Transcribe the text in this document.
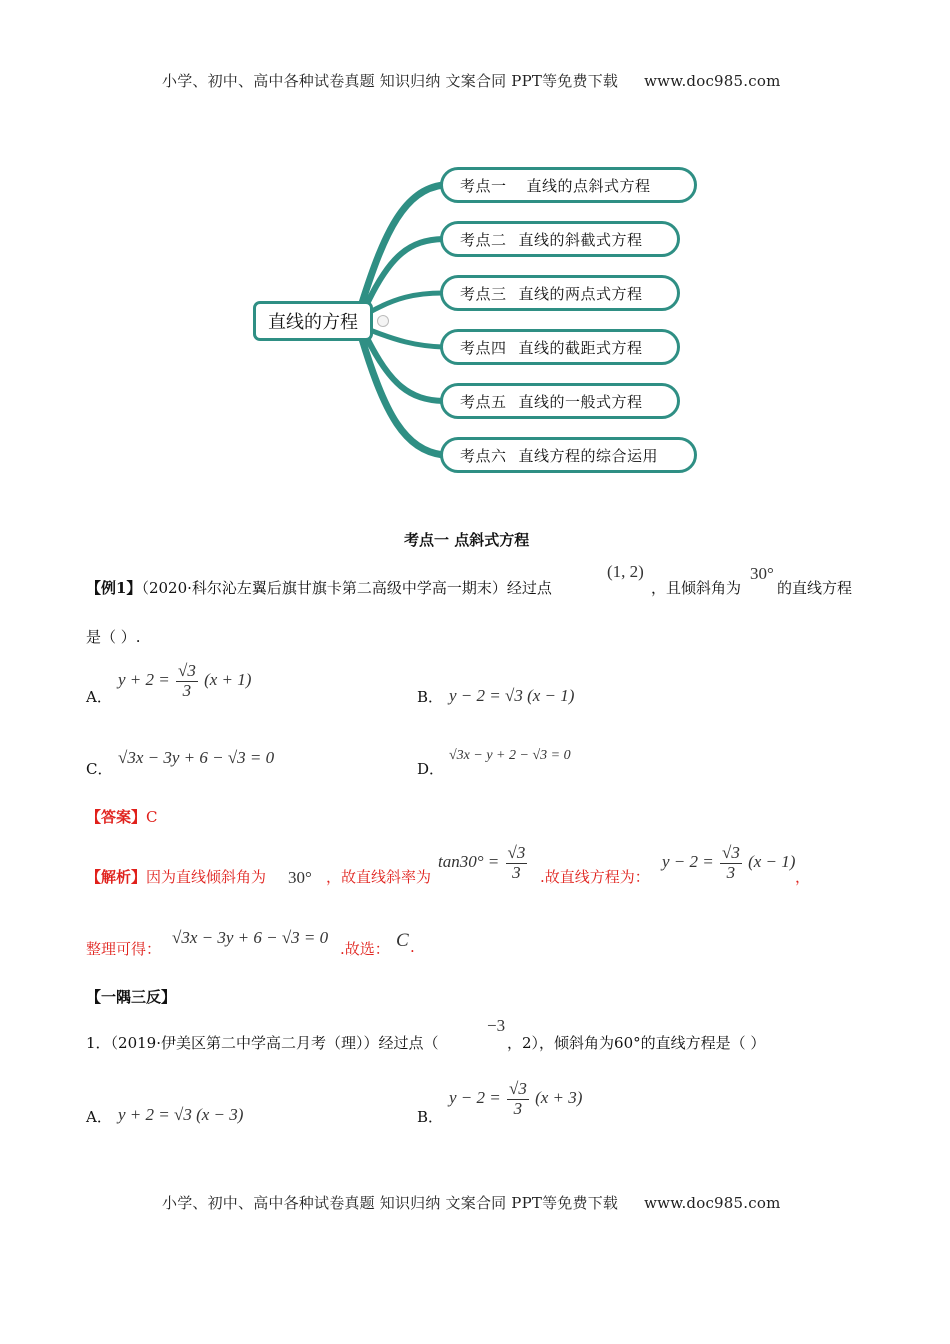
小学、初中、高中各种试卷真题 知识归纳 文案合同 PPT等免费下载 www.doc985.com
直线的方程
考点一 直线的点斜式方程
考点二 直线的斜截式方程
考点三 直线的两点式方程
考点四 直线的截距式方程
考点五 直线的一般式方程
考点六 直线方程的综合运用
考点一 点斜式方程
【例1】（2020·科尔沁左翼后旗甘旗卡第二高级中学高一期末）经过点
(1, 2)
，且倾斜角为
30°
的直线方程
是（ ）.
A．
$y + 2 = \frac{√3}{3} (x + 1)$
B． y − 2 = √3 (x − 1)
C．
√3x − 3y + 6 − √3 = 0
D．
√3x − y + 2 − √3 = 0
【答案】C
【解析】因为直线倾斜角为 30° ，故直线斜率为
$\tan 30^\circ = \frac{√3}{3}$ .故直线方程为：
$y - 2 = \frac{√3}{3} (x - 1)$
，
整理可得：
√3x − 3y + 6 − √3 = 0
.故选： C .
【一隅三反】
1．（2019·伊美区第二中学高二月考（理））经过点（
−3
，2），倾斜角为60°的直线方程是（ ）
A． y + 2 = √3 (x − 3)	B．
$y - 2 = \frac{√3}{3} (x + 3)$
小学、初中、高中各种试卷真题 知识归纳 文案合同 PPT等免费下载 www.doc985.com
